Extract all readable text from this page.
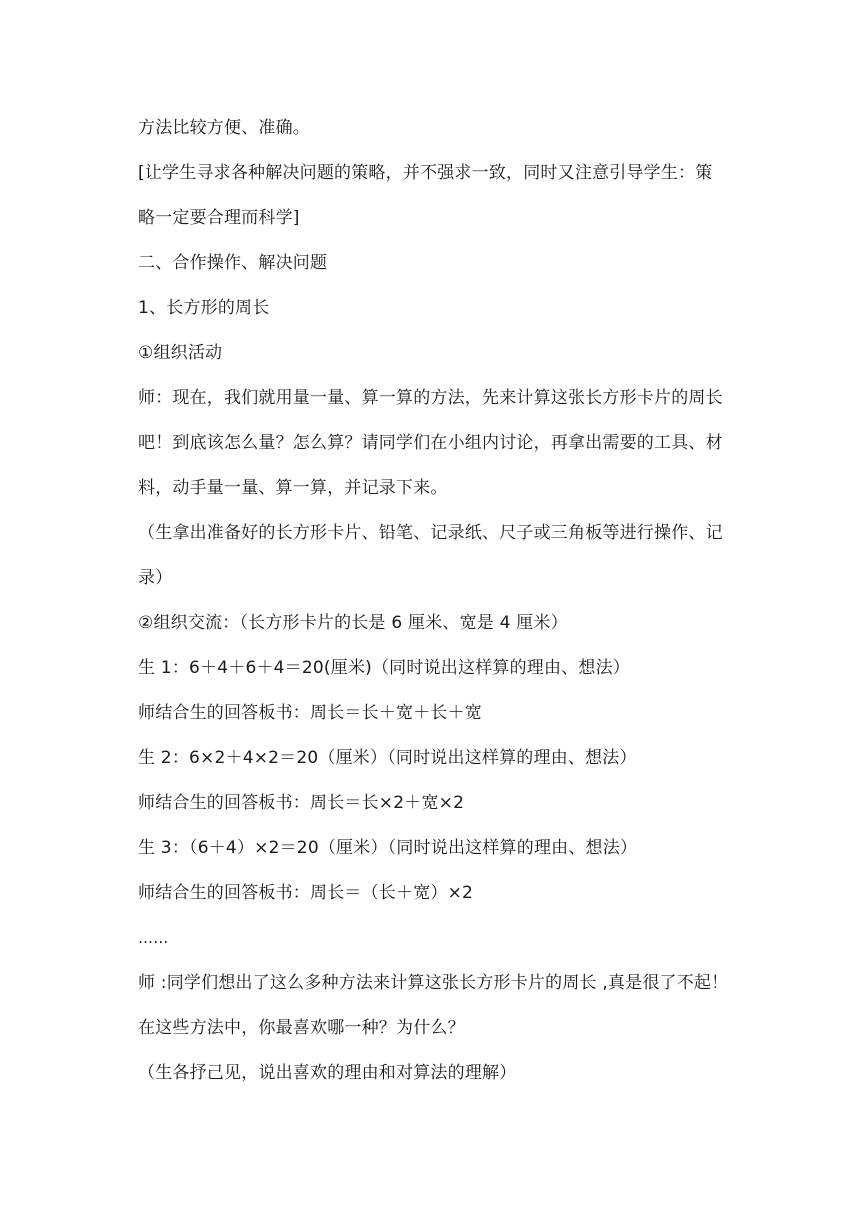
方法比较方便、准确。
[让学生寻求各种解决问题的策略，并不强求一致，同时又注意引导学生：策
略一定要合理而科学]
二、合作操作、解决问题
1、长方形的周长
①组织活动
师：现在，我们就用量一量、算一算的方法，先来计算这张长方形卡片的周长
吧！到底该怎么量？怎么算？请同学们在小组内讨论，再拿出需要的工具、材
料，动手量一量、算一算，并记录下来。
（生拿出准备好的长方形卡片、铅笔、记录纸、尺子或三角板等进行操作、记
录）
②组织交流：（长方形卡片的长是 6 厘米、宽是 4 厘米）
生 1：6＋4＋6＋4＝20(厘米)（同时说出这样算的理由、想法）
师结合生的回答板书：周长＝长＋宽＋长＋宽
生 2：6×2＋4×2＝20（厘米）（同时说出这样算的理由、想法）
师结合生的回答板书：周长＝长×2＋宽×2
生 3：（6＋4）×2＝20（厘米）（同时说出这样算的理由、想法）
师结合生的回答板书：周长＝（长＋宽）×2
……
师 :同学们想出了这么多种方法来计算这张长方形卡片的周长 ,真是很了不起！
在这些方法中，你最喜欢哪一种？为什么？
（生各抒己见，说出喜欢的理由和对算法的理解）
